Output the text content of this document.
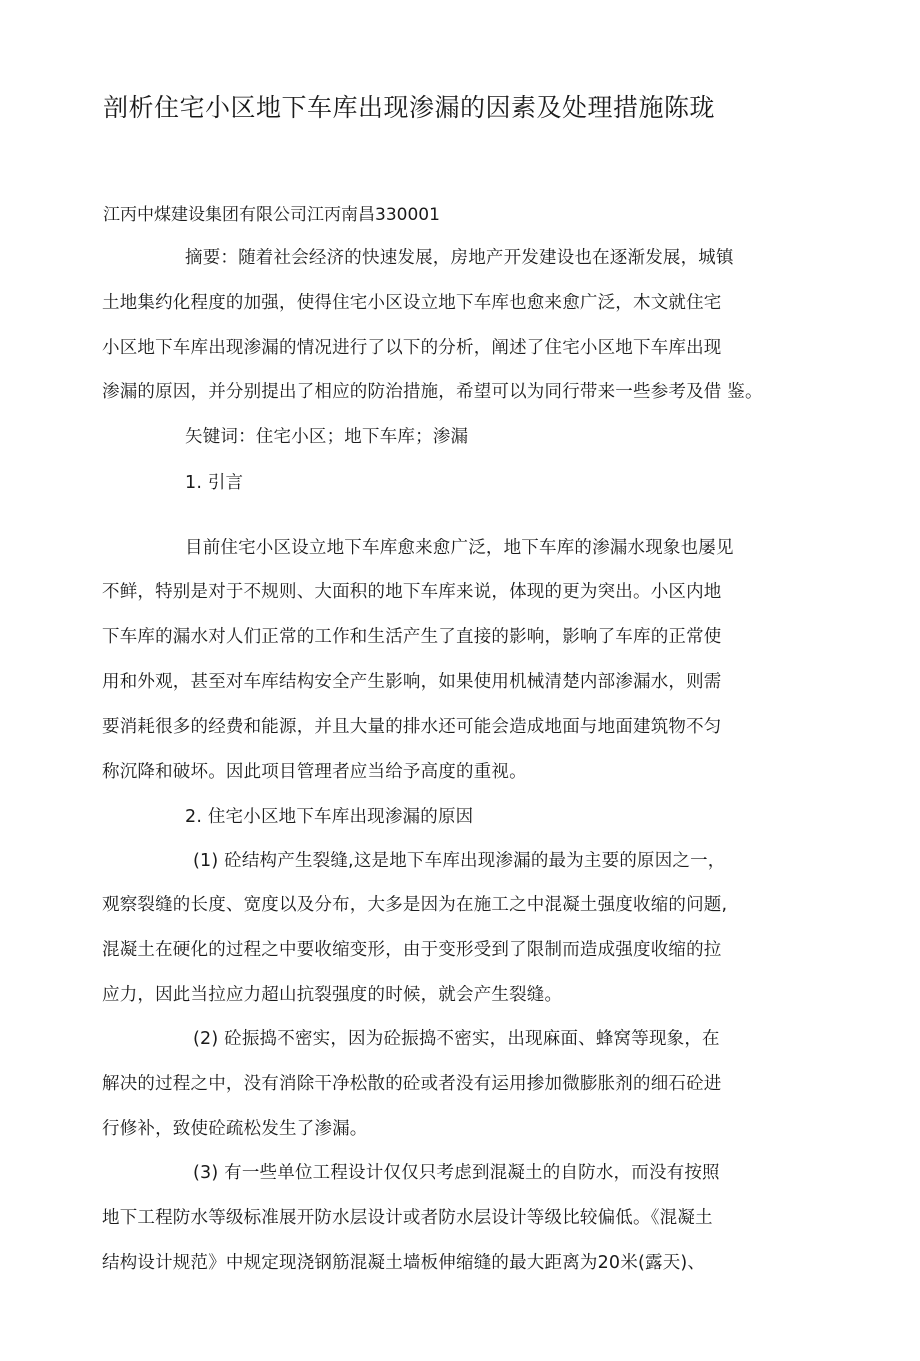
剖析住宅小区地下车库出现渗漏的因素及处理措施陈珑
江丙中煤建设集团有限公司江丙南昌330001
摘要：随着社会经济的快速发展，房地产开发建设也在逐渐发展，城镇
土地集约化程度的加强，使得住宅小区设立地下车库也愈来愈广泛，木文就住宅
小区地下车库出现渗漏的情况进行了以下的分析，阐述了住宅小区地下车库出现
渗漏的原因，并分别提出了相应的防治措施，希望可以为同行带来一些参考及借 鉴。
矢键词：住宅小区；地下车库；渗漏
1. 引言
目前住宅小区设立地下车库愈来愈广泛，地下车库的渗漏水现象也屡见
不鲜，特别是对于不规则、大面积的地下车库来说，体现的更为突出。小区内地
下车库的漏水对人们正常的工作和生活产生了直接的影响，影响了车库的正常使
用和外观，甚至对车库结构安全产生影响，如果使用机械清楚内部渗漏水，则需
要消耗很多的经费和能源，并且大量的排水还可能会造成地面与地面建筑物不匀
称沉降和破坏。因此项目管理者应当给予高度的重视。
2. 住宅小区地下车库出现渗漏的原因
(1) 砼结构产生裂缝,这是地下车库出现渗漏的最为主要的原因之一，
观察裂缝的长度、宽度以及分布，大多是因为在施工之中混凝土强度收缩的问题,
混凝土在硬化的过程之中要收缩变形，由于变形受到了限制而造成强度收缩的拉
应力，因此当拉应力超山抗裂强度的时候，就会产生裂缝。
(2) 砼振捣不密实，因为砼振捣不密实，出现麻面、蜂窝等现象，在
解决的过程之中，没有消除干净松散的砼或者没有运用掺加微膨胀剂的细石砼进
行修补，致使砼疏松发生了渗漏。
(3) 有一些单位工程设计仅仅只考虑到混凝土的自防水，而没有按照
地下工程防水等级标准展开防水层设计或者防水层设计等级比较偏低。《混凝土
结构设计规范》中规定现浇钢筋混凝土墙板伸缩缝的最大距离为20米(露天)、
